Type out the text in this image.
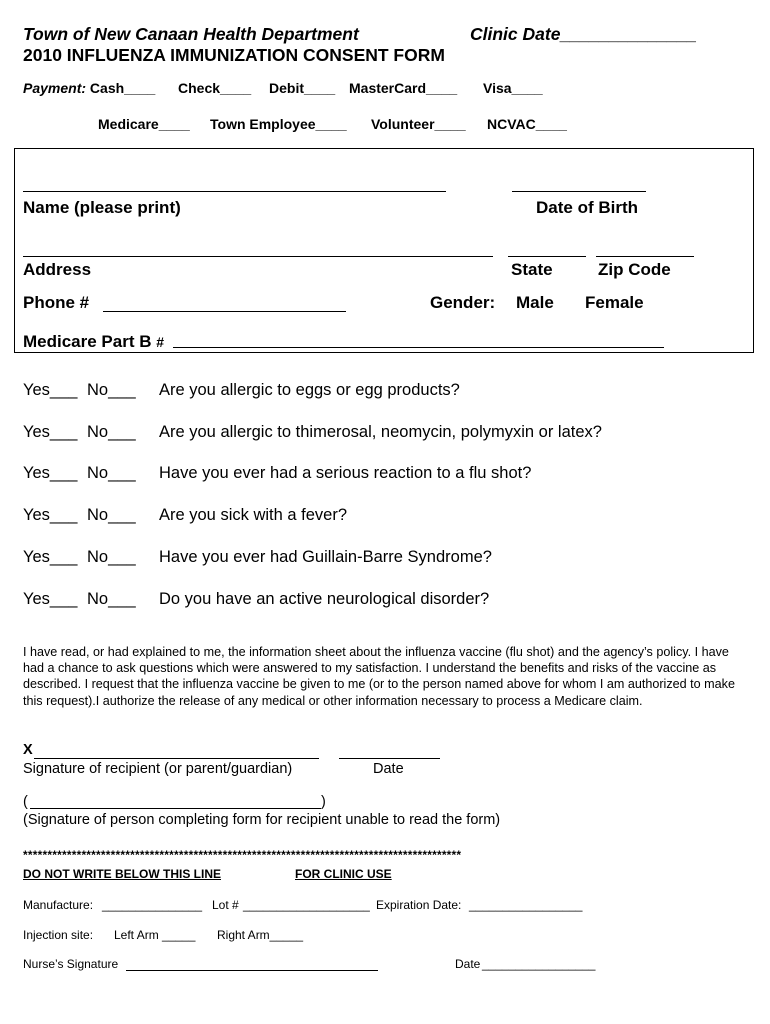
Town of New Canaan Health Department	Clinic Date______________
2010 INFLUENZA IMMUNIZATION CONSENT FORM
Payment: Cash____ Check____ Debit____ MasterCard____ Visa____
Medicare____ Town Employee____ Volunteer____ NCVAC____
Name (please print)	Date of Birth
Address	State	Zip Code
Phone #	Gender: Male Female
Medicare Part B #
Yes___ No___ Are you allergic to eggs or egg products?
Yes___ No___ Are you allergic to thimerosal, neomycin, polymyxin or latex?
Yes___ No___ Have you ever had a serious reaction to a flu shot?
Yes___ No___ Are you sick with a fever?
Yes___ No___ Have you ever had Guillain-Barre Syndrome?
Yes___ No___ Do you have an active neurological disorder?
I have read, or had explained to me, the information sheet about the influenza vaccine (flu shot) and the agency’s policy. I have had a chance to ask questions which were answered to my satisfaction. I understand the benefits and risks of the vaccine as described. I request that the influenza vaccine be given to me (or to the person named above for whom I am authorized to make this request).I authorize the release of any medical or other information necessary to process a Medicare claim.
X
Signature of recipient (or parent/guardian)	Date
(	)
(Signature of person completing form for recipient unable to read the form)
******************************************************************************************
DO NOT WRITE BELOW THIS LINE	FOR CLINIC USE
Manufacture: _______________ Lot # ___________________ Expiration Date: _________________
Injection site: Left Arm _____ Right Arm_____
Nurse’s Signature	Date _________________
